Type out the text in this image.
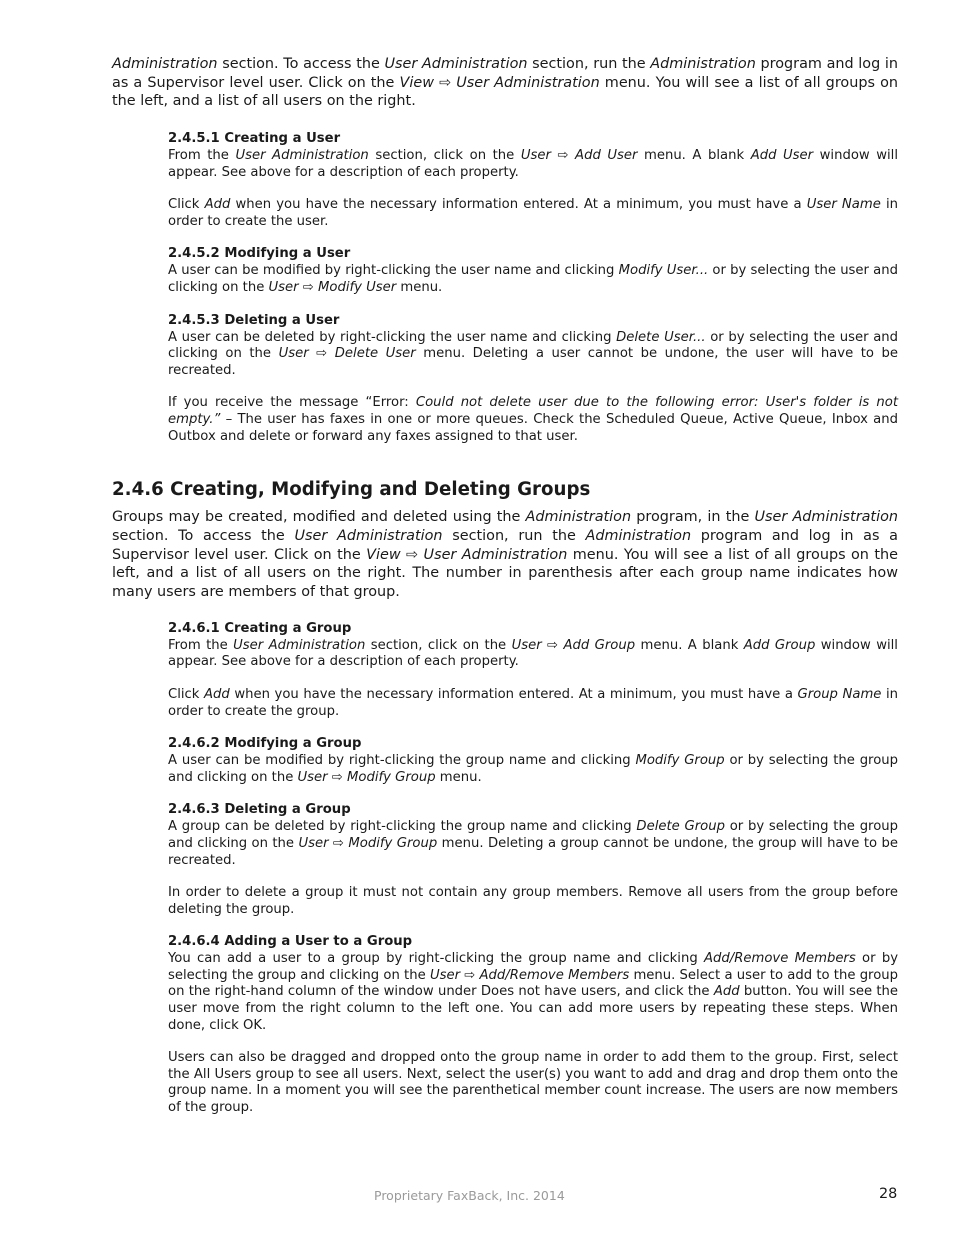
Administration section. To access the User Administration section, run the Administration program and log in as a Supervisor level user. Click on the View ⇨ User Administration menu. You will see a list of all groups on the left, and a list of all users on the right.

2.4.5.1 Creating a User

From the User Administration section, click on the User ⇨ Add User menu. A blank Add User window will appear. See above for a description of each property.

Click Add when you have the necessary information entered. At a minimum, you must have a User Name in order to create the user.

2.4.5.2 Modifying a User

A user can be modified by right-clicking the user name and clicking Modify User... or by selecting the user and clicking on the User ⇨ Modify User menu.

2.4.5.3 Deleting a User

A user can be deleted by right-clicking the user name and clicking Delete User... or by selecting the user and clicking on the User ⇨ Delete User menu. Deleting a user cannot be undone, the user will have to be recreated.

If you receive the message “Error: Could not delete user due to the following error: User's folder is not empty.” – The user has faxes in one or more queues. Check the Scheduled Queue, Active Queue, Inbox and Outbox and delete or forward any faxes assigned to that user.

2.4.6 Creating, Modifying and Deleting Groups

Groups may be created, modified and deleted using the Administration program, in the User Administration section. To access the User Administration section, run the Administration program and log in as a Supervisor level user. Click on the View ⇨ User Administration menu. You will see a list of all groups on the left, and a list of all users on the right. The number in parenthesis after each group name indicates how many users are members of that group.

2.4.6.1 Creating a Group

From the User Administration section, click on the User ⇨ Add Group menu. A blank Add Group window will appear. See above for a description of each property.

Click Add when you have the necessary information entered. At a minimum, you must have a Group Name in order to create the group.

2.4.6.2 Modifying a Group

A user can be modified by right-clicking the group name and clicking Modify Group or by selecting the group and clicking on the User ⇨ Modify Group menu.

2.4.6.3 Deleting a Group

A group can be deleted by right-clicking the group name and clicking Delete Group or by selecting the group and clicking on the User ⇨ Modify Group menu. Deleting a group cannot be undone, the group will have to be recreated.

In order to delete a group it must not contain any group members. Remove all users from the group before deleting the group.

2.4.6.4 Adding a User to a Group

You can add a user to a group by right-clicking the group name and clicking Add/Remove Members or by selecting the group and clicking on the User ⇨ Add/Remove Members menu. Select a user to add to the group on the right-hand column of the window under Does not have users, and click the Add button. You will see the user move from the right column to the left one. You can add more users by repeating these steps. When done, click OK.

Users can also be dragged and dropped onto the group name in order to add them to the group. First, select the All Users group to see all users. Next, select the user(s) you want to add and drag and drop them onto the group name. In a moment you will see the parenthetical member count increase. The users are now members of the group.

Proprietary FaxBack, Inc. 2014	28
